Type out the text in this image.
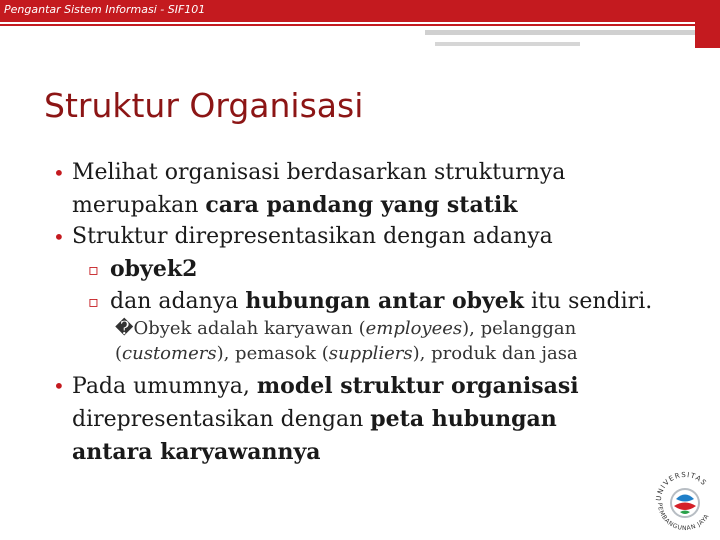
Pengantar Sistem Informasi - SIF101
Struktur Organisasi
• Melihat organisasi berdasarkan strukturnya
merupakan cara pandang yang statik
• Struktur direpresentasikan dengan adanya
▫ obyek2
▫ dan adanya hubungan antar obyek itu sendiri.
�Obyek adalah karyawan (employees), pelanggan
(customers), pemasok (suppliers), produk dan jasa
• Pada umumnya, model struktur organisasi
direpresentasikan dengan peta hubungan
antara karyawannya
UNIVERSITAS
PEMBANGUNAN JAYA
